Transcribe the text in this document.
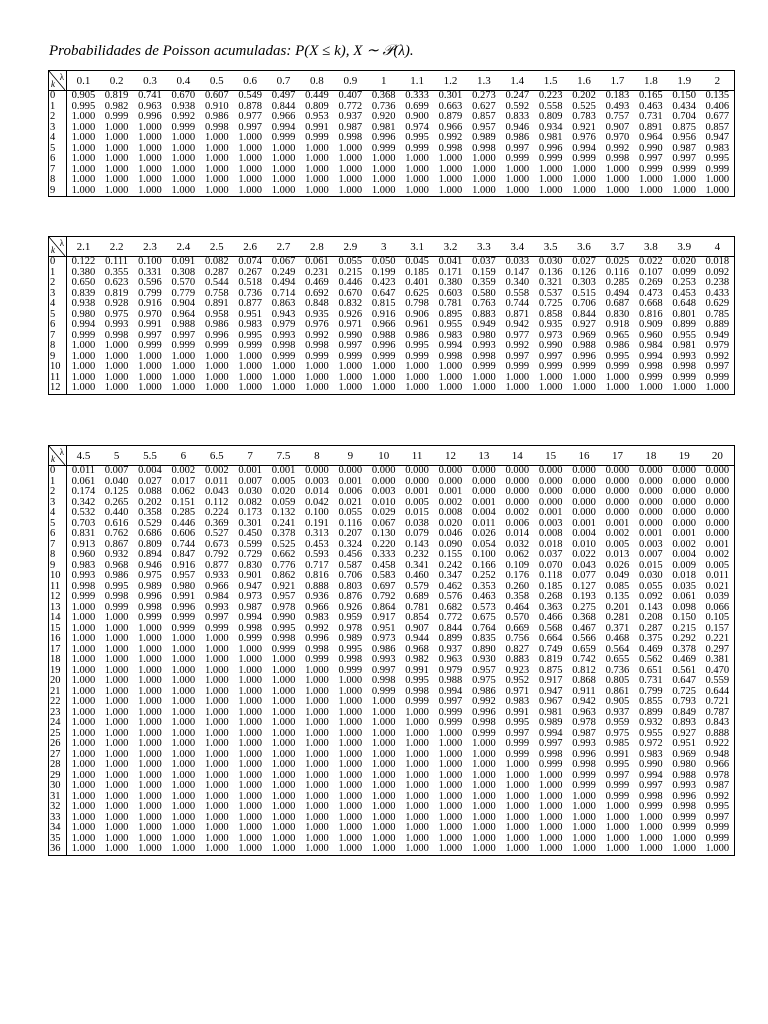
Probabilidades de Poisson acumuladas: P(X ≤ k), X ∼ 𝒫(λ).
k
λ	0.1	0.2	0.3	0.4	0.5	0.6	0.7	0.8	0.9	1	1.1	1.2	1.3	1.4	1.5	1.6	1.7	1.8	1.9	2
0	0.905	0.819	0.741	0.670	0.607	0.549	0.497	0.449	0.407	0.368	0.333	0.301	0.273	0.247	0.223	0.202	0.183	0.165	0.150	0.135
1	0.995	0.982	0.963	0.938	0.910	0.878	0.844	0.809	0.772	0.736	0.699	0.663	0.627	0.592	0.558	0.525	0.493	0.463	0.434	0.406
2	1.000	0.999	0.996	0.992	0.986	0.977	0.966	0.953	0.937	0.920	0.900	0.879	0.857	0.833	0.809	0.783	0.757	0.731	0.704	0.677
3	1.000	1.000	1.000	0.999	0.998	0.997	0.994	0.991	0.987	0.981	0.974	0.966	0.957	0.946	0.934	0.921	0.907	0.891	0.875	0.857
4	1.000	1.000	1.000	1.000	1.000	1.000	0.999	0.999	0.998	0.996	0.995	0.992	0.989	0.986	0.981	0.976	0.970	0.964	0.956	0.947
5	1.000	1.000	1.000	1.000	1.000	1.000	1.000	1.000	1.000	0.999	0.999	0.998	0.998	0.997	0.996	0.994	0.992	0.990	0.987	0.983
6	1.000	1.000	1.000	1.000	1.000	1.000	1.000	1.000	1.000	1.000	1.000	1.000	1.000	0.999	0.999	0.999	0.998	0.997	0.997	0.995
7	1.000	1.000	1.000	1.000	1.000	1.000	1.000	1.000	1.000	1.000	1.000	1.000	1.000	1.000	1.000	1.000	1.000	0.999	0.999	0.999
8	1.000	1.000	1.000	1.000	1.000	1.000	1.000	1.000	1.000	1.000	1.000	1.000	1.000	1.000	1.000	1.000	1.000	1.000	1.000	1.000
9	1.000	1.000	1.000	1.000	1.000	1.000	1.000	1.000	1.000	1.000	1.000	1.000	1.000	1.000	1.000	1.000	1.000	1.000	1.000	1.000
k
λ	2.1	2.2	2.3	2.4	2.5	2.6	2.7	2.8	2.9	3	3.1	3.2	3.3	3.4	3.5	3.6	3.7	3.8	3.9	4
0	0.122	0.111	0.100	0.091	0.082	0.074	0.067	0.061	0.055	0.050	0.045	0.041	0.037	0.033	0.030	0.027	0.025	0.022	0.020	0.018
1	0.380	0.355	0.331	0.308	0.287	0.267	0.249	0.231	0.215	0.199	0.185	0.171	0.159	0.147	0.136	0.126	0.116	0.107	0.099	0.092
2	0.650	0.623	0.596	0.570	0.544	0.518	0.494	0.469	0.446	0.423	0.401	0.380	0.359	0.340	0.321	0.303	0.285	0.269	0.253	0.238
3	0.839	0.819	0.799	0.779	0.758	0.736	0.714	0.692	0.670	0.647	0.625	0.603	0.580	0.558	0.537	0.515	0.494	0.473	0.453	0.433
4	0.938	0.928	0.916	0.904	0.891	0.877	0.863	0.848	0.832	0.815	0.798	0.781	0.763	0.744	0.725	0.706	0.687	0.668	0.648	0.629
5	0.980	0.975	0.970	0.964	0.958	0.951	0.943	0.935	0.926	0.916	0.906	0.895	0.883	0.871	0.858	0.844	0.830	0.816	0.801	0.785
6	0.994	0.993	0.991	0.988	0.986	0.983	0.979	0.976	0.971	0.966	0.961	0.955	0.949	0.942	0.935	0.927	0.918	0.909	0.899	0.889
7	0.999	0.998	0.997	0.997	0.996	0.995	0.993	0.992	0.990	0.988	0.986	0.983	0.980	0.977	0.973	0.969	0.965	0.960	0.955	0.949
8	1.000	1.000	0.999	0.999	0.999	0.999	0.998	0.998	0.997	0.996	0.995	0.994	0.993	0.992	0.990	0.988	0.986	0.984	0.981	0.979
9	1.000	1.000	1.000	1.000	1.000	1.000	0.999	0.999	0.999	0.999	0.999	0.998	0.998	0.997	0.997	0.996	0.995	0.994	0.993	0.992
10	1.000	1.000	1.000	1.000	1.000	1.000	1.000	1.000	1.000	1.000	1.000	1.000	0.999	0.999	0.999	0.999	0.999	0.998	0.998	0.997
11	1.000	1.000	1.000	1.000	1.000	1.000	1.000	1.000	1.000	1.000	1.000	1.000	1.000	1.000	1.000	1.000	1.000	0.999	0.999	0.999
12	1.000	1.000	1.000	1.000	1.000	1.000	1.000	1.000	1.000	1.000	1.000	1.000	1.000	1.000	1.000	1.000	1.000	1.000	1.000	1.000
k
λ	4.5	5	5.5	6	6.5	7	7.5	8	9	10	11	12	13	14	15	16	17	18	19	20
0	0.011	0.007	0.004	0.002	0.002	0.001	0.001	0.000	0.000	0.000	0.000	0.000	0.000	0.000	0.000	0.000	0.000	0.000	0.000	0.000
1	0.061	0.040	0.027	0.017	0.011	0.007	0.005	0.003	0.001	0.000	0.000	0.000	0.000	0.000	0.000	0.000	0.000	0.000	0.000	0.000
2	0.174	0.125	0.088	0.062	0.043	0.030	0.020	0.014	0.006	0.003	0.001	0.001	0.000	0.000	0.000	0.000	0.000	0.000	0.000	0.000
3	0.342	0.265	0.202	0.151	0.112	0.082	0.059	0.042	0.021	0.010	0.005	0.002	0.001	0.000	0.000	0.000	0.000	0.000	0.000	0.000
4	0.532	0.440	0.358	0.285	0.224	0.173	0.132	0.100	0.055	0.029	0.015	0.008	0.004	0.002	0.001	0.000	0.000	0.000	0.000	0.000
5	0.703	0.616	0.529	0.446	0.369	0.301	0.241	0.191	0.116	0.067	0.038	0.020	0.011	0.006	0.003	0.001	0.001	0.000	0.000	0.000
6	0.831	0.762	0.686	0.606	0.527	0.450	0.378	0.313	0.207	0.130	0.079	0.046	0.026	0.014	0.008	0.004	0.002	0.001	0.001	0.000
7	0.913	0.867	0.809	0.744	0.673	0.599	0.525	0.453	0.324	0.220	0.143	0.090	0.054	0.032	0.018	0.010	0.005	0.003	0.002	0.001
8	0.960	0.932	0.894	0.847	0.792	0.729	0.662	0.593	0.456	0.333	0.232	0.155	0.100	0.062	0.037	0.022	0.013	0.007	0.004	0.002
9	0.983	0.968	0.946	0.916	0.877	0.830	0.776	0.717	0.587	0.458	0.341	0.242	0.166	0.109	0.070	0.043	0.026	0.015	0.009	0.005
10	0.993	0.986	0.975	0.957	0.933	0.901	0.862	0.816	0.706	0.583	0.460	0.347	0.252	0.176	0.118	0.077	0.049	0.030	0.018	0.011
11	0.998	0.995	0.989	0.980	0.966	0.947	0.921	0.888	0.803	0.697	0.579	0.462	0.353	0.260	0.185	0.127	0.085	0.055	0.035	0.021
12	0.999	0.998	0.996	0.991	0.984	0.973	0.957	0.936	0.876	0.792	0.689	0.576	0.463	0.358	0.268	0.193	0.135	0.092	0.061	0.039
13	1.000	0.999	0.998	0.996	0.993	0.987	0.978	0.966	0.926	0.864	0.781	0.682	0.573	0.464	0.363	0.275	0.201	0.143	0.098	0.066
14	1.000	1.000	0.999	0.999	0.997	0.994	0.990	0.983	0.959	0.917	0.854	0.772	0.675	0.570	0.466	0.368	0.281	0.208	0.150	0.105
15	1.000	1.000	1.000	0.999	0.999	0.998	0.995	0.992	0.978	0.951	0.907	0.844	0.764	0.669	0.568	0.467	0.371	0.287	0.215	0.157
16	1.000	1.000	1.000	1.000	1.000	0.999	0.998	0.996	0.989	0.973	0.944	0.899	0.835	0.756	0.664	0.566	0.468	0.375	0.292	0.221
17	1.000	1.000	1.000	1.000	1.000	1.000	0.999	0.998	0.995	0.986	0.968	0.937	0.890	0.827	0.749	0.659	0.564	0.469	0.378	0.297
18	1.000	1.000	1.000	1.000	1.000	1.000	1.000	0.999	0.998	0.993	0.982	0.963	0.930	0.883	0.819	0.742	0.655	0.562	0.469	0.381
19	1.000	1.000	1.000	1.000	1.000	1.000	1.000	1.000	0.999	0.997	0.991	0.979	0.957	0.923	0.875	0.812	0.736	0.651	0.561	0.470
20	1.000	1.000	1.000	1.000	1.000	1.000	1.000	1.000	1.000	0.998	0.995	0.988	0.975	0.952	0.917	0.868	0.805	0.731	0.647	0.559
21	1.000	1.000	1.000	1.000	1.000	1.000	1.000	1.000	1.000	0.999	0.998	0.994	0.986	0.971	0.947	0.911	0.861	0.799	0.725	0.644
22	1.000	1.000	1.000	1.000	1.000	1.000	1.000	1.000	1.000	1.000	0.999	0.997	0.992	0.983	0.967	0.942	0.905	0.855	0.793	0.721
23	1.000	1.000	1.000	1.000	1.000	1.000	1.000	1.000	1.000	1.000	1.000	0.999	0.996	0.991	0.981	0.963	0.937	0.899	0.849	0.787
24	1.000	1.000	1.000	1.000	1.000	1.000	1.000	1.000	1.000	1.000	1.000	0.999	0.998	0.995	0.989	0.978	0.959	0.932	0.893	0.843
25	1.000	1.000	1.000	1.000	1.000	1.000	1.000	1.000	1.000	1.000	1.000	1.000	0.999	0.997	0.994	0.987	0.975	0.955	0.927	0.888
26	1.000	1.000	1.000	1.000	1.000	1.000	1.000	1.000	1.000	1.000	1.000	1.000	1.000	0.999	0.997	0.993	0.985	0.972	0.951	0.922
27	1.000	1.000	1.000	1.000	1.000	1.000	1.000	1.000	1.000	1.000	1.000	1.000	1.000	0.999	0.998	0.996	0.991	0.983	0.969	0.948
28	1.000	1.000	1.000	1.000	1.000	1.000	1.000	1.000	1.000	1.000	1.000	1.000	1.000	1.000	0.999	0.998	0.995	0.990	0.980	0.966
29	1.000	1.000	1.000	1.000	1.000	1.000	1.000	1.000	1.000	1.000	1.000	1.000	1.000	1.000	1.000	0.999	0.997	0.994	0.988	0.978
30	1.000	1.000	1.000	1.000	1.000	1.000	1.000	1.000	1.000	1.000	1.000	1.000	1.000	1.000	1.000	0.999	0.999	0.997	0.993	0.987
31	1.000	1.000	1.000	1.000	1.000	1.000	1.000	1.000	1.000	1.000	1.000	1.000	1.000	1.000	1.000	1.000	0.999	0.998	0.996	0.992
32	1.000	1.000	1.000	1.000	1.000	1.000	1.000	1.000	1.000	1.000	1.000	1.000	1.000	1.000	1.000	1.000	1.000	0.999	0.998	0.995
33	1.000	1.000	1.000	1.000	1.000	1.000	1.000	1.000	1.000	1.000	1.000	1.000	1.000	1.000	1.000	1.000	1.000	1.000	0.999	0.997
34	1.000	1.000	1.000	1.000	1.000	1.000	1.000	1.000	1.000	1.000	1.000	1.000	1.000	1.000	1.000	1.000	1.000	1.000	0.999	0.999
35	1.000	1.000	1.000	1.000	1.000	1.000	1.000	1.000	1.000	1.000	1.000	1.000	1.000	1.000	1.000	1.000	1.000	1.000	1.000	0.999
36	1.000	1.000	1.000	1.000	1.000	1.000	1.000	1.000	1.000	1.000	1.000	1.000	1.000	1.000	1.000	1.000	1.000	1.000	1.000	1.000
